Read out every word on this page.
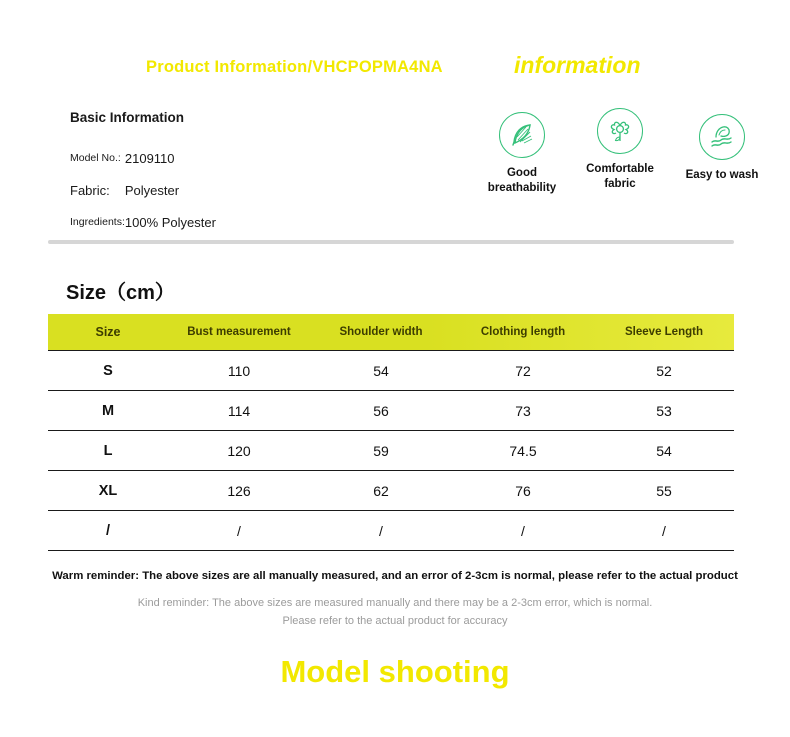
Product Information/VHCPOPMA4NA	information
Basic Information
Model No.:	2109110
Fabric:	Polyester
Ingredients:	100% Polyester
Good
breathability
Comfortable
fabric
Easy to wash
Size（cm）
Size	Bust measurement	Shoulder width	Clothing length	Sleeve Length
S	110	54	72	52
M	114	56	73	53
L	120	59	74.5	54
XL	126	62	76	55
/	/	/	/	/
Warm reminder: The above sizes are all manually measured, and an error of 2-3cm is normal, please refer to the actual product
Kind reminder: The above sizes are measured manually and there may be a 2-3cm error, which is normal.
Please refer to the actual product for accuracy
Model shooting
